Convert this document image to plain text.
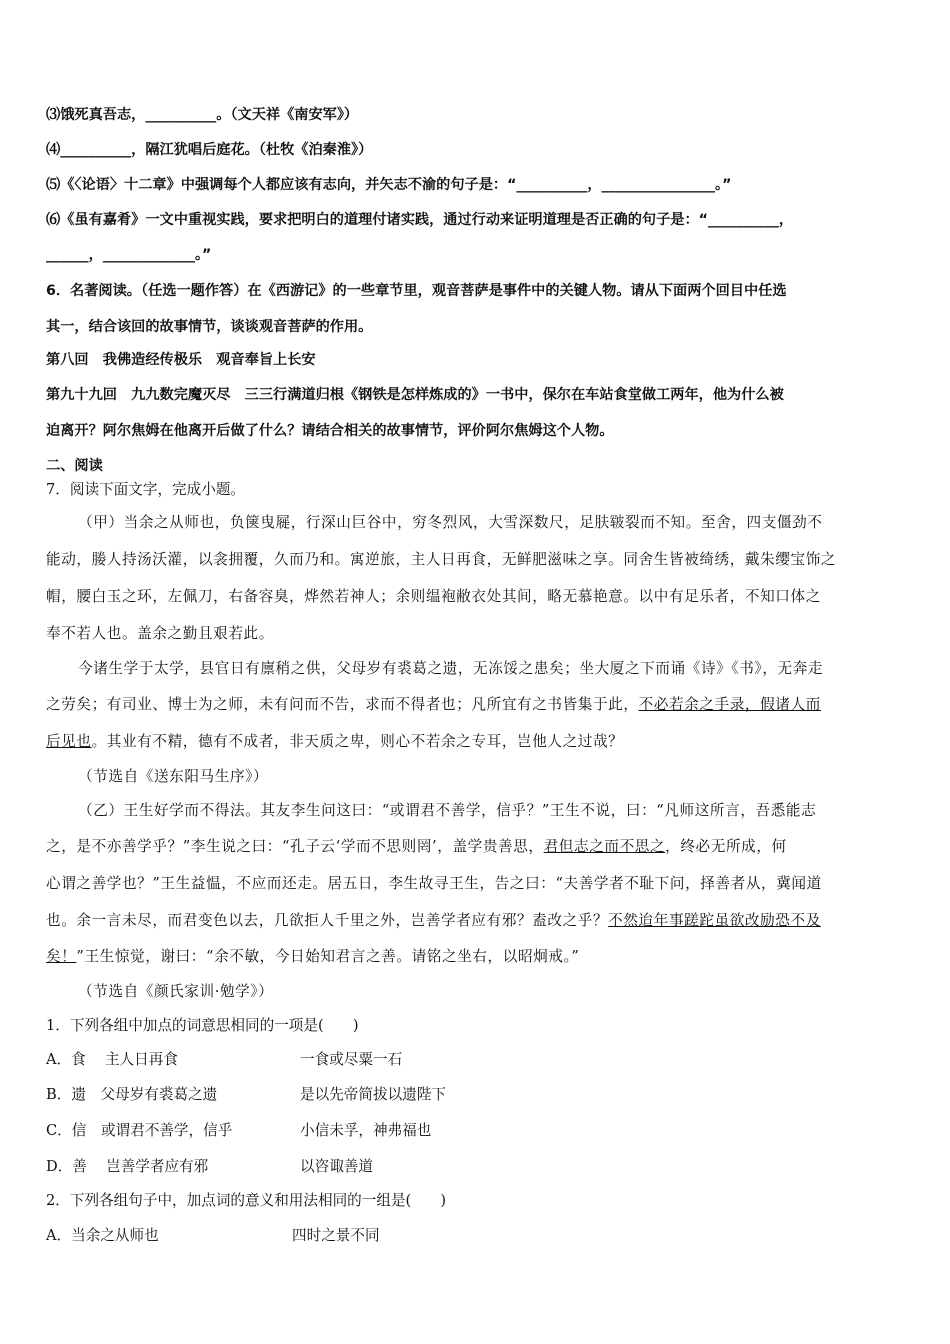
⑶饿死真吾志，__________。（文天祥《南安军》）
⑷__________，隔江犹唱后庭花。（杜牧《泊秦淮》）
⑸《〈论语〉十二章》中强调每个人都应该有志向，并矢志不渝的句子是：“__________，________________。”
⑹《虽有嘉肴》一文中重视实践，要求把明白的道理付诸实践，通过行动来证明道理是否正确的句子是：“__________，
______，_____________。”
6．名著阅读。（任选一题作答）在《西游记》的一些章节里，观音菩萨是事件中的关键人物。请从下面两个回目中任选
其一，结合该回的故事情节，谈谈观音菩萨的作用。
第八回　我佛造经传极乐　观音奉旨上长安
第九十九回　九九数完魔灭尽　三三行满道归根《钢铁是怎样炼成的》一书中，保尔在车站食堂做工两年，他为什么被
迫离开？阿尔焦姆在他离开后做了什么？请结合相关的故事情节，评价阿尔焦姆这个人物。
二、阅读
7．阅读下面文字，完成小题。
（甲）当余之从师也，负箧曳屣，行深山巨谷中，穷冬烈风，大雪深数尺，足肤皲裂而不知。至舍，四支僵劲不
能动，媵人持汤沃灌，以衾拥覆，久而乃和。寓逆旅，主人日再食，无鲜肥滋味之享。同舍生皆被绮绣，戴朱缨宝饰之
帽，腰白玉之环，左佩刀，右备容臭，烨然若神人；余则缊袍敝衣处其间，略无慕艳意。以中有足乐者，不知口体之
奉不若人也。盖余之勤且艰若此。
今诸生学于太学，县官日有廪稍之供，父母岁有裘葛之遗，无冻馁之患矣；坐大厦之下而诵《诗》《书》，无奔走
之劳矣；有司业、博士为之师，未有问而不告，求而不得者也；凡所宜有之书皆集于此，不必若余之手录，假诸人而
后见也。其业有不精，德有不成者，非天质之卑，则心不若余之专耳，岂他人之过哉？
（节选自《送东阳马生序》）
（乙）王生好学而不得法。其友李生问这曰：“或谓君不善学，信乎？”王生不说，曰：“凡师这所言，吾悉能志
之，是不亦善学乎？”李生说之曰：“孔子云‘学而不思则罔’，盖学贵善思，君但志之而不思之，终必无所成，何
心谓之善学也？”王生益愠，不应而还走。居五日，李生故寻王生，告之曰：“夫善学者不耻下问，择善者从，冀闻道
也。余一言未尽，而君变色以去，几欲拒人千里之外，岂善学者应有邪？盍改之乎？不然迨年事蹉跎虽欲改励恐不及
矣！”王生惊觉，谢曰：“余不敏，今日始知君言之善。请铭之坐右，以昭炯戒。”
（节选自《颜氏家训·勉学》）
1．下列各组中加点的词意思相同的一项是(　　)
A．食　 主人日再食	一食或尽粟一石
B．遗　父母岁有裘葛之遗	是以先帝简拔以遗陛下
C．信　或谓君不善学，信乎	小信未孚，神弗福也
D．善　 岂善学者应有邪	以咨诹善道
2．下列各组句子中，加点词的意义和用法相同的一组是(　　)
A．当余之从师也	四时之景不同
